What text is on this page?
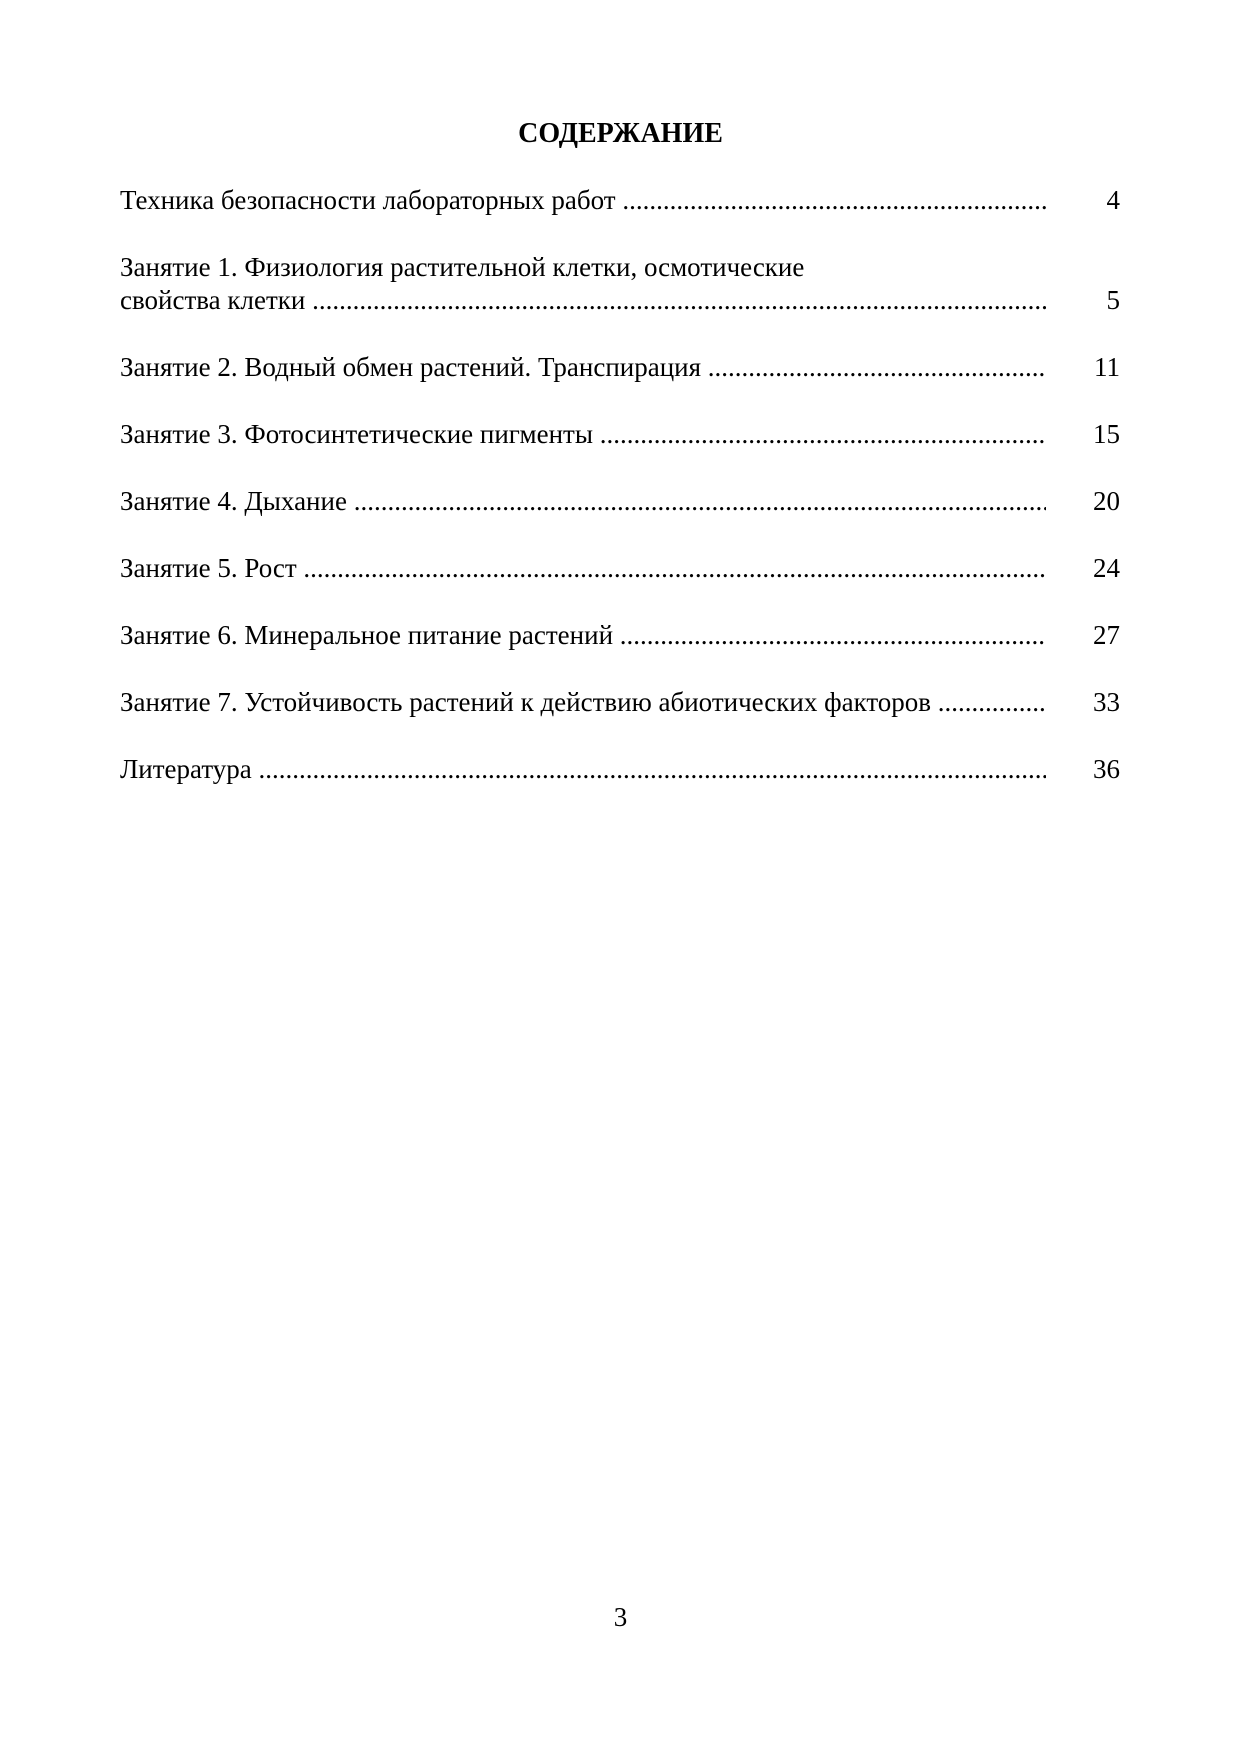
СОДЕРЖАНИЕ
Техника безопасности лабораторных работ .....	4
Занятие 1. Физиология растительной клетки, осмотические
свойства клетки .....	5
Занятие 2. Водный обмен растений. Транспирация .....	11
Занятие 3. Фотосинтетические пигменты .....	15
Занятие 4. Дыхание .....	20
Занятие 5. Рост .....	24
Занятие 6. Минеральное питание растений .....	27
Занятие 7. Устойчивость растений к действию абиотических факторов .....	33
Литература .....	36
3
